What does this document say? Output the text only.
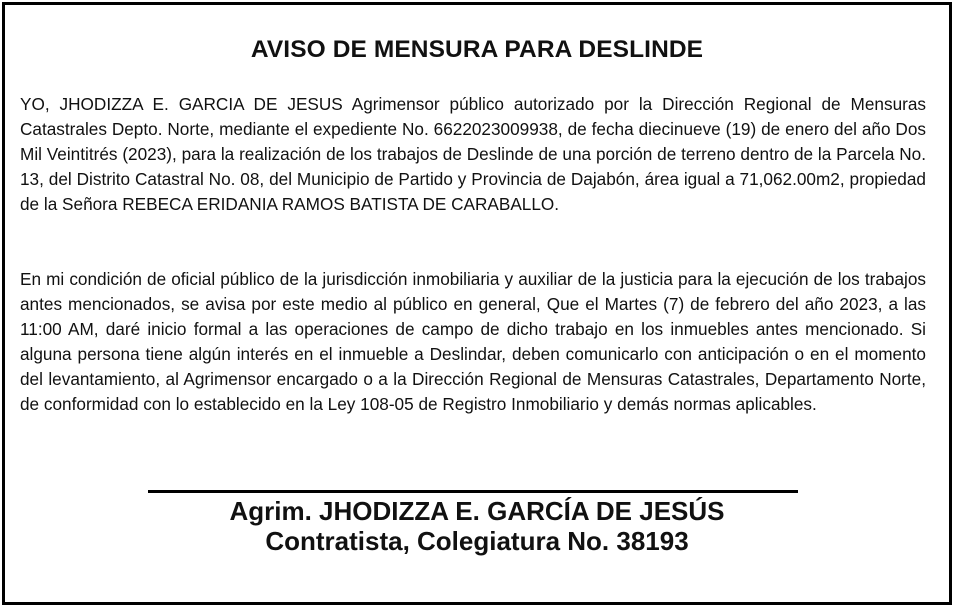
AVISO DE MENSURA PARA DESLINDE

YO, JHODIZZA E. GARCIA DE JESUS Agrimensor público autorizado por la Dirección Regional de Mensuras Catastrales Depto. Norte, mediante el expediente No. 6622023009938, de fecha diecinueve (19) de enero del año Dos Mil Veintitrés (2023), para la realización de los trabajos de Deslinde de una porción de terreno dentro de la Parcela No. 13, del Distrito Catastral No. 08, del Municipio de Partido y Provincia de Dajabón, área igual a 71,062.00m2, propiedad de la Señora REBECA ERIDANIA RAMOS BATISTA DE CARABALLO.

En mi condición de oficial público de la jurisdicción inmobiliaria y auxiliar de la justicia para la ejecución de los trabajos antes mencionados, se avisa por este medio al público en general, Que el Martes (7) de febrero del año 2023, a las 11:00 AM, daré inicio formal a las operaciones de campo de dicho trabajo en los inmuebles antes mencionado. Si alguna persona tiene algún interés en el inmueble a Deslindar, deben comunicarlo con anticipación o en el momento del levantamiento, al Agrimensor encargado o a la Dirección Regional de Mensuras Catastrales, Departamento Norte, de conformidad con lo establecido en la Ley 108-05 de Registro Inmobiliario y demás normas aplicables.

Agrim. JHODIZZA E. GARCÍA DE JESÚS
Contratista, Colegiatura No. 38193
